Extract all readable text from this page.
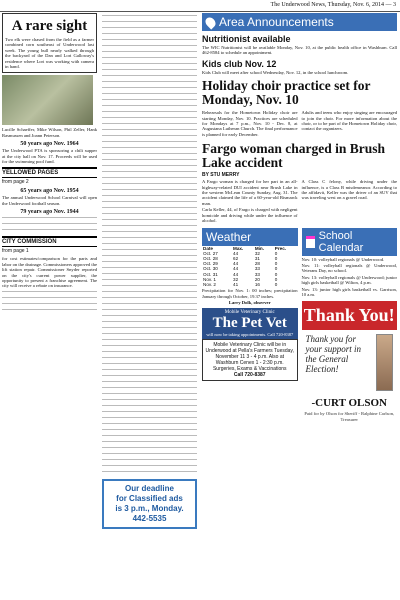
The Underwood News, Thursday, Nov. 6, 2014 — 3
A rare sight
Two elk were chased from the field as a farmer combined corn southeast of Underwood last week. The young bull nearly walked through the backyard of the Dan and Lori Galloway's residence where Lori was working with camera in hand.
Lucille Schaeffer, Mike Wilson, Phil Zeller, Hank Rasmussen and Joann Peterson.
50 years ago Nov. 1964
The Underwood PTA is sponsoring a chili supper at the city hall on Nov. 17. Proceeds will be used for the swimming pool fund.
YELLOWED PAGES
from page 2
65 years ago Nov. 1954
The annual Underwood School Carnival will open the Underwood football season.
79 years ago Nov. 1944
CITY COMMISSION
from page 1
for cost estimates/comparison for the parts and labor on the drainage. Commissioners approved the lift station repair. Commissioner Snyder reported on the city's current power supplier, the opportunity to present a franchise agreement. The city will receive a rebate on insurance.
Our deadline
for Classified ads
is 3 p.m., Monday.
442-5535
Area Announcements
Nutritionist available
The WIC Nutritionist will be available Monday, Nov. 10, at the public health office in Washburn. Call 462-8584 to schedule an appointment.
Kids club Nov. 12
Kids Club will meet after school Wednesday, Nov. 12, in the school lunchroom.
Holiday choir practice set for Monday, Nov. 10
Rehearsals for the Hometown Holiday choir are starting Monday, Nov. 10. Practices are scheduled for Mondays at 7 p.m., Nov. 10 - Dec. 8, at Augustana Lutheran Church. The final performance is planned for early December.
Adults and teens who enjoy singing are encouraged to join the choir. For more information about the choir, or to be part of the Hometown Holiday choir, contact the organizers.
Fargo woman charged in Brush Lake accident
BY STU MERRY
A Fargo woman is charged for her part in an all-highway-related DUI accident near Brush Lake in the western McLean County Sunday, Aug. 31. The accident claimed the life of a 60-year-old Bismarck man.
Carla Keller, 44, of Fargo is charged with negligent homicide and driving while under the influence of alcohol.
A Class C felony, while driving under the influence, is a Class B misdemeanor. According to the affidavit, Keller was the driver of an SUV that was traveling west on a gravel road.
Weather
Date	Max.	Min.	Prec.
Oct. 27	44	32	0
Oct. 28	62	31	0
Oct. 29	44	28	0
Oct. 30	44	33	0
Oct. 31	44	33	0
Nov. 1	32	20	0
Nov. 2	41	16	0
Precipitation for Nov. 1: 00 inches; precipitation January through October, 19.37 inches.
Larry Dolk, observer
Mobile Veterinary Clinic
The Pet Vet
will now be taking appointments. Call 720-8387
Mobile Veterinary Clinic will be in Underwood at Pella's Farmers Tuesday, November 11 3 - 4 p.m. Also at Washburn Cenex 1 - 2:30 p.m.
Surgeries, Exams & Vaccinations
Call 720-8387
School Calendar
Nov. 10: volleyball regionals @ Underwood.
Nov. 11: volleyball regionals @ Underwood, Veterans Day, no school.
Nov. 13: volleyball regionals @ Underwood; junior high girls basketball @ Wilton, 4 p.m.
Nov. 13: junior high girls basketball vs. Garrison, 10 a.m.
Thank You!
Thank you for your support in the General Election!
-CURT OLSON
Paid for by Olson for Sheriff - Ralphine Carlson, Treasurer
